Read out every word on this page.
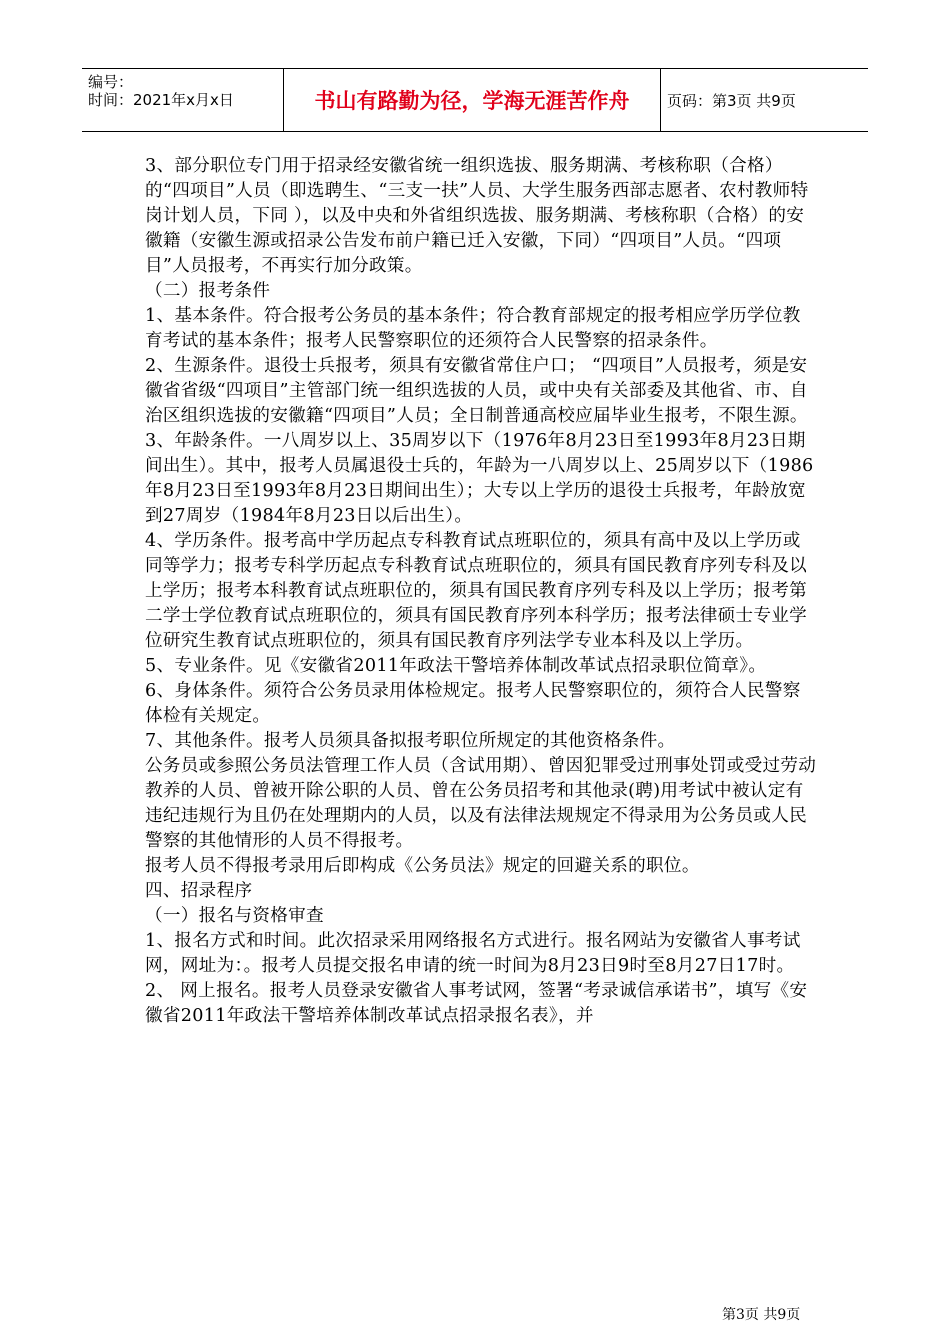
编号：
时间：2021年x月x日	书山有路勤为径，学海无涯苦作舟	页码：第3页 共9页

3、部分职位专门用于招录经安徽省统一组织选拔、服务期满、考核称职（合格）的“四项目”人员（即选聘生、“三支一扶”人员、大学生服务西部志愿者、农村教师特岗计划人员，下同 ），以及中央和外省组织选拔、服务期满、考核称职（合格）的安徽籍（安徽生源或招录公告发布前户籍已迁入安徽，下同）“四项目”人员。“四项目”人员报考，不再实行加分政策。

（二）报考条件

1、基本条件。符合报考公务员的基本条件；符合教育部规定的报考相应学历学位教育考试的基本条件；报考人民警察职位的还须符合人民警察的招录条件。

2、生源条件。退役士兵报考，须具有安徽省常住户口； “四项目”人员报考，须是安徽省省级“四项目”主管部门统一组织选拔的人员，或中央有关部委及其他省、市、自治区组织选拔的安徽籍“四项目”人员；全日制普通高校应届毕业生报考，不限生源。

3、年龄条件。一八周岁以上、35周岁以下（1976年8月23日至1993年8月23日期间出生）。其中，报考人员属退役士兵的，年龄为一八周岁以上、25周岁以下（1986年8月23日至1993年8月23日期间出生）；大专以上学历的退役士兵报考，年龄放宽到27周岁（1984年8月23日以后出生）。

4、学历条件。报考高中学历起点专科教育试点班职位的，须具有高中及以上学历或同等学力；报考专科学历起点专科教育试点班职位的，须具有国民教育序列专科及以上学历；报考本科教育试点班职位的，须具有国民教育序列专科及以上学历；报考第二学士学位教育试点班职位的，须具有国民教育序列本科学历；报考法律硕士专业学位研究生教育试点班职位的，须具有国民教育序列法学专业本科及以上学历。

5、专业条件。见《安徽省2011年政法干警培养体制改革试点招录职位简章》。

6、身体条件。须符合公务员录用体检规定。报考人民警察职位的，须符合人民警察体检有关规定。

7、其他条件。报考人员须具备拟报考职位所规定的其他资格条件。

公务员或参照公务员法管理工作人员（含试用期）、曾因犯罪受过刑事处罚或受过劳动教养的人员、曾被开除公职的人员、曾在公务员招考和其他录(聘)用考试中被认定有违纪违规行为且仍在处理期内的人员，以及有法律法规规定不得录用为公务员或人民警察的其他情形的人员不得报考。

报考人员不得报考录用后即构成《公务员法》规定的回避关系的职位。

四、招录程序

（一）报名与资格审查

1、报名方式和时间。此次招录采用网络报名方式进行。报名网站为安徽省人事考试网，网址为：。报考人员提交报名申请的统一时间为8月23日9时至8月27日17时。

2、 网上报名。报考人员登录安徽省人事考试网，签署“考录诚信承诺书”，填写《安徽省2011年政法干警培养体制改革试点招录报名表》，并

第3页 共9页
